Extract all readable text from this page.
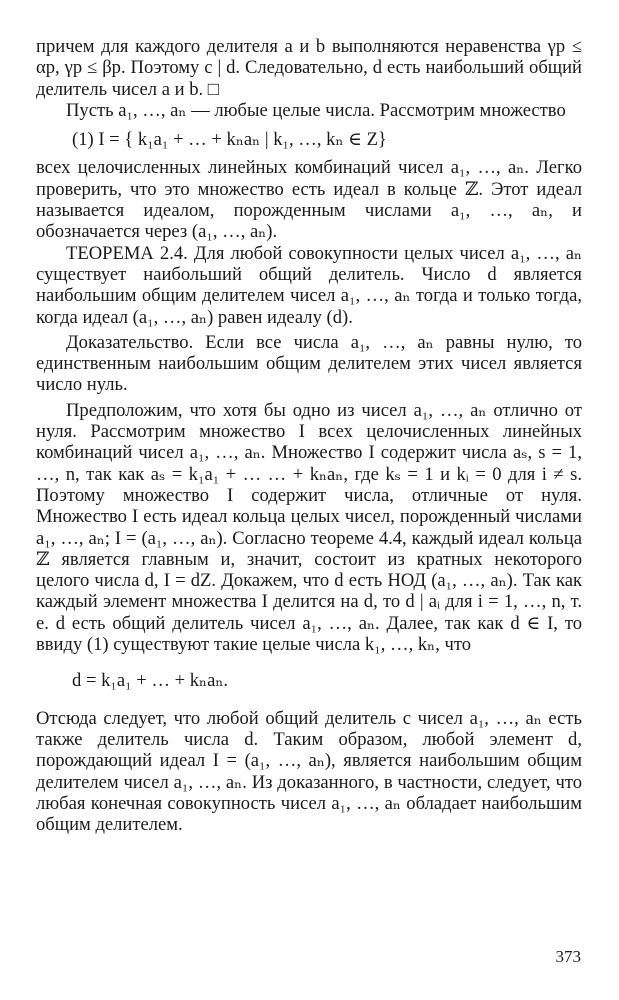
причем для каждого делителя a и b выполняются неравенства γp ≤ αp, γp ≤ βp. Поэтому c | d. Следовательно, d есть наибольший общий делитель чисел a и b. □

Пусть a₁, …, aₙ — любые целые числа. Рассмотрим множество

(1) I = { k₁a₁ + … + kₙaₙ | k₁, …, kₙ ∈ Z}

всех целочисленных линейных комбинаций чисел a₁, …, aₙ. Легко проверить, что это множество есть идеал в кольце ℤ. Этот идеал называется идеалом, порожденным числами a₁, …, aₙ, и обозначается через (a₁, …, aₙ).

ТЕОРЕМА 2.4. Для любой совокупности целых чисел a₁, …, aₙ существует наибольший общий делитель. Число d является наибольшим общим делителем чисел a₁, …, aₙ тогда и только тогда, когда идеал (a₁, …, aₙ) равен идеалу (d).

Доказательство. Если все числа a₁, …, aₙ равны нулю, то единственным наибольшим общим делителем этих чисел является число нуль.

Предположим, что хотя бы одно из чисел a₁, …, aₙ отлично от нуля. Рассмотрим множество I всех целочисленных линейных комбинаций чисел a₁, …, aₙ. Множество I содержит числа aₛ, s = 1, …, n, так как aₛ = k₁a₁ + … … + kₙaₙ, где kₛ = 1 и kᵢ = 0 для i ≠ s. Поэтому множество I содержит числа, отличные от нуля. Множество I есть идеал кольца целых чисел, порожденный числами a₁, …, aₙ; I = (a₁, …, aₙ). Согласно теореме 4.4, каждый идеал кольца ℤ является главным и, значит, состоит из кратных некоторого целого числа d, I = dZ. Докажем, что d есть НОД (a₁, …, aₙ). Так как каждый элемент множества I делится на d, то d | aᵢ для i = 1, …, n, т. е. d есть общий делитель чисел a₁, …, aₙ. Далее, так как d ∈ I, то ввиду (1) существуют такие целые числа k₁, …, kₙ, что

d = k₁a₁ + … + kₙaₙ.

Отсюда следует, что любой общий делитель c чисел a₁, …, aₙ есть также делитель числа d. Таким образом, любой элемент d, порождающий идеал I = (a₁, …, aₙ), является наибольшим общим делителем чисел a₁, …, aₙ. Из доказанного, в частности, следует, что любая конечная совокупность чисел a₁, …, aₙ обладает наибольшим общим делителем.

373
